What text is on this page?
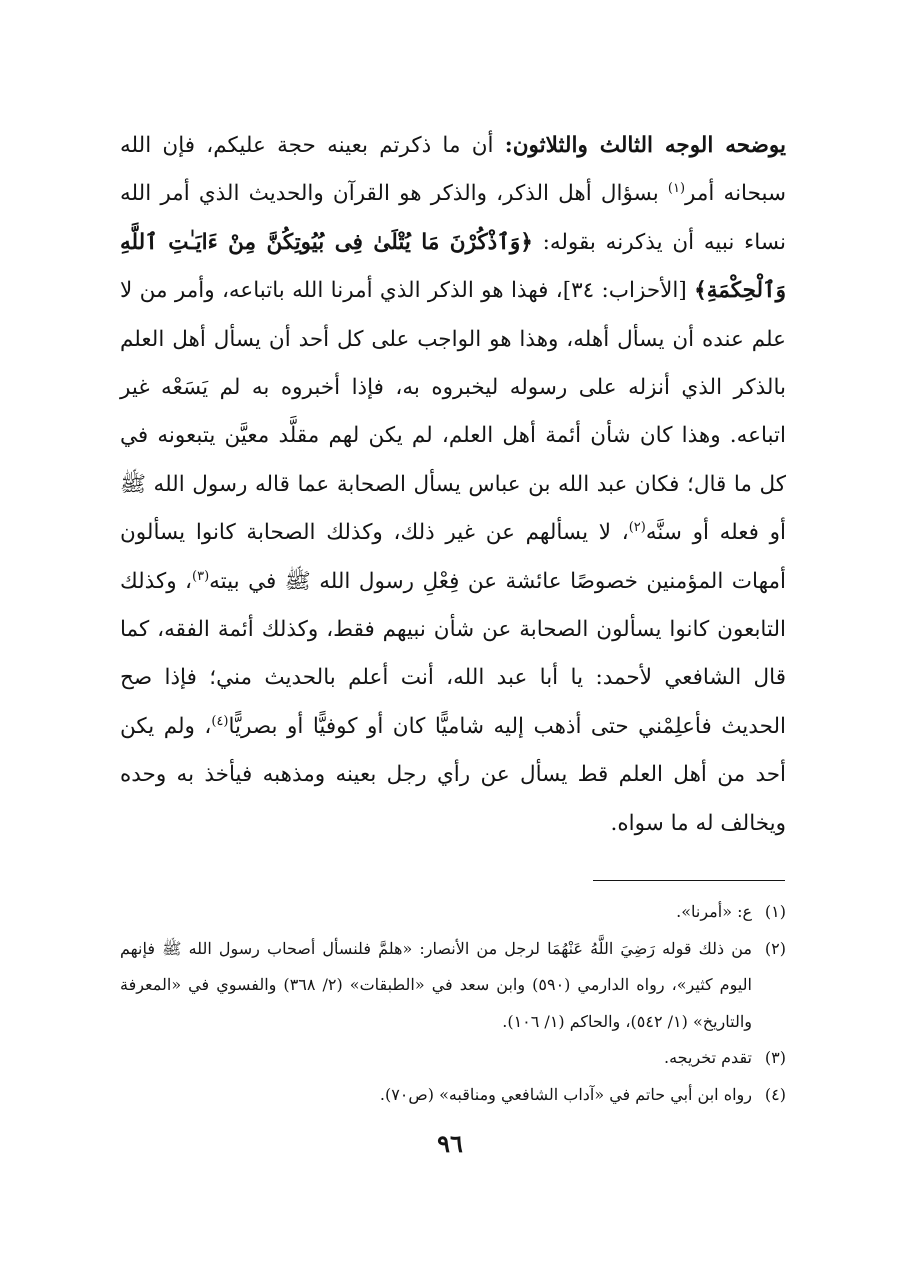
يوضحه الوجه الثالث والثلاثون: أن ما ذكرتم بعينه حجة عليكم، فإن الله سبحانه أمر$^{(١)}$ بسؤال أهل الذكر، والذكر هو القرآن والحديث الذي أمر الله نساء نبيه أن يذكرنه بقوله: ﴿وَٱذْكُرْنَ مَا يُتْلَىٰ فِى بُيُوتِكُنَّ مِنْ ءَايَـٰتِ ٱللَّهِ وَٱلْحِكْمَةِ﴾ [الأحزاب: ٣٤]، فهذا هو الذكر الذي أمرنا الله باتباعه، وأمر من لا علم عنده أن يسأل أهله، وهذا هو الواجب على كل أحد أن يسأل أهل العلم بالذكر الذي أنزله على رسوله ليخبروه به، فإذا أخبروه به لم يَسَعْه غير اتباعه. وهذا كان شأن أئمة أهل العلم، لم يكن لهم مقلَّد معيَّن يتبعونه في كل ما قال؛ فكان عبد الله بن عباس يسأل الصحابة عما قاله رسول الله ﷺ أو فعله أو سنَّه$^{(٢)}$، لا يسألهم عن غير ذلك، وكذلك الصحابة كانوا يسألون أمهات المؤمنين خصوصًا عائشة عن فِعْلِ رسول الله ﷺ في بيته$^{(٣)}$، وكذلك التابعون كانوا يسألون الصحابة عن شأن نبيهم فقط، وكذلك أئمة الفقه، كما قال الشافعي لأحمد: يا أبا عبد الله، أنت أعلم بالحديث مني؛ فإذا صح الحديث فأعلِمْني حتى أذهب إليه شاميًّا كان أو كوفيًّا أو بصريًّا$^{(٤)}$، ولم يكن أحد من أهل العلم قط يسأل عن رأي رجل بعينه ومذهبه فيأخذ به وحده ويخالف له ما سواه.
(١)
ع: «أمرنا».
(٢)
من ذلك قوله رَضِيَ اللَّهُ عَنْهُمَا لرجل من الأنصار: «هلمَّ فلنسأل أصحاب رسول الله ﷺ فإنهم اليوم كثير»، رواه الدارمي (٥٩٠) وابن سعد في «الطبقات» (٢/ ٣٦٨) والفسوي في «المعرفة والتاريخ» (١/ ٥٤٢)، والحاكم (١/ ١٠٦).
(٣)
تقدم تخريجه.
(٤)
رواه ابن أبي حاتم في «آداب الشافعي ومناقبه» (ص٧٠).
٩٦
